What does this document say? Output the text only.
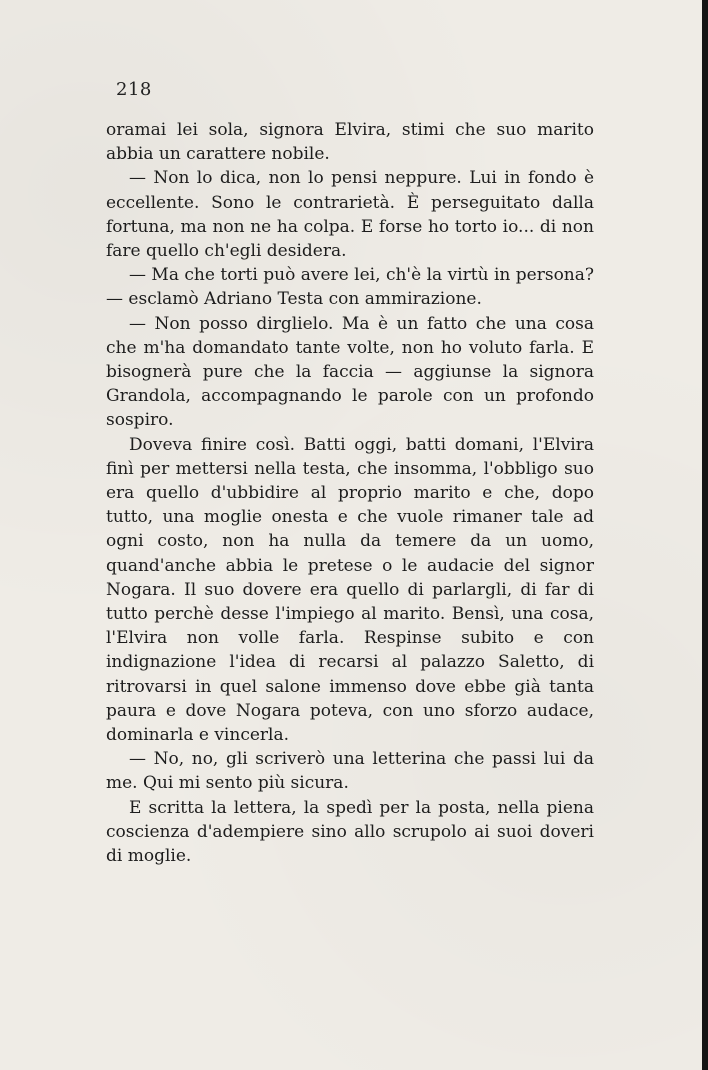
218

oramai lei sola, signora Elvira, stimi che suo marito abbia un carattere nobile.

— Non lo dica, non lo pensi neppure. Lui in fondo è eccellente. Sono le contrarietà. È perseguitato dalla fortuna, ma non ne ha colpa. E forse ho torto io... di non fare quello ch'egli desidera.

— Ma che torti può avere lei, ch'è la virtù in persona? — esclamò Adriano Testa con ammirazione.

— Non posso dirglielo. Ma è un fatto che una cosa che m'ha domandato tante volte, non ho voluto farla. E bisognerà pure che la faccia — aggiunse la signora Grandola, accompagnando le parole con un profondo sospiro.

Doveva finire così. Batti oggi, batti domani, l'Elvira finì per mettersi nella testa, che insomma, l'obbligo suo era quello d'ubbidire al proprio marito e che, dopo tutto, una moglie onesta e che vuole rimaner tale ad ogni costo, non ha nulla da temere da un uomo, quand'anche abbia le pretese o le audacie del signor Nogara. Il suo dovere era quello di parlargli, di far di tutto perchè desse l'impiego al marito. Bensì, una cosa, l'Elvira non volle farla. Respinse subito e con indignazione l'idea di recarsi al palazzo Saletto, di ritrovarsi in quel salone immenso dove ebbe già tanta paura e dove Nogara poteva, con uno sforzo audace, dominarla e vincerla.

— No, no, gli scriverò una letterina che passi lui da me. Qui mi sento più sicura.

E scritta la lettera, la spedì per la posta, nella piena coscienza d'adempiere sino allo scrupolo ai suoi doveri di moglie.
